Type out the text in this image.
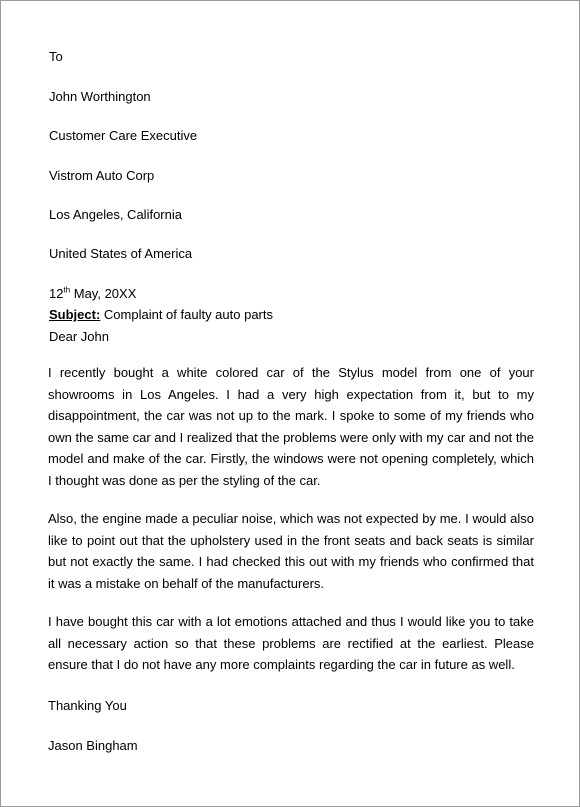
To
John Worthington
Customer Care Executive
Vistrom Auto Corp
Los Angeles, California
United States of America
12th May, 20XX
Subject: Complaint of faulty auto parts
Dear John
I recently bought a white colored car of the Stylus model from one of your showrooms in Los Angeles. I had a very high expectation from it, but to my disappointment, the car was not up to the mark. I spoke to some of my friends who own the same car and I realized that the problems were only with my car and not the model and make of the car. Firstly, the windows were not opening completely, which I thought was done as per the styling of the car.
Also, the engine made a peculiar noise, which was not expected by me. I would also like to point out that the upholstery used in the front seats and back seats is similar but not exactly the same. I had checked this out with my friends who confirmed that it was a mistake on behalf of the manufacturers.
I have bought this car with a lot emotions attached and thus I would like you to take all necessary action so that these problems are rectified at the earliest. Please ensure that I do not have any more complaints regarding the car in future as well.
Thanking You
Jason Bingham
